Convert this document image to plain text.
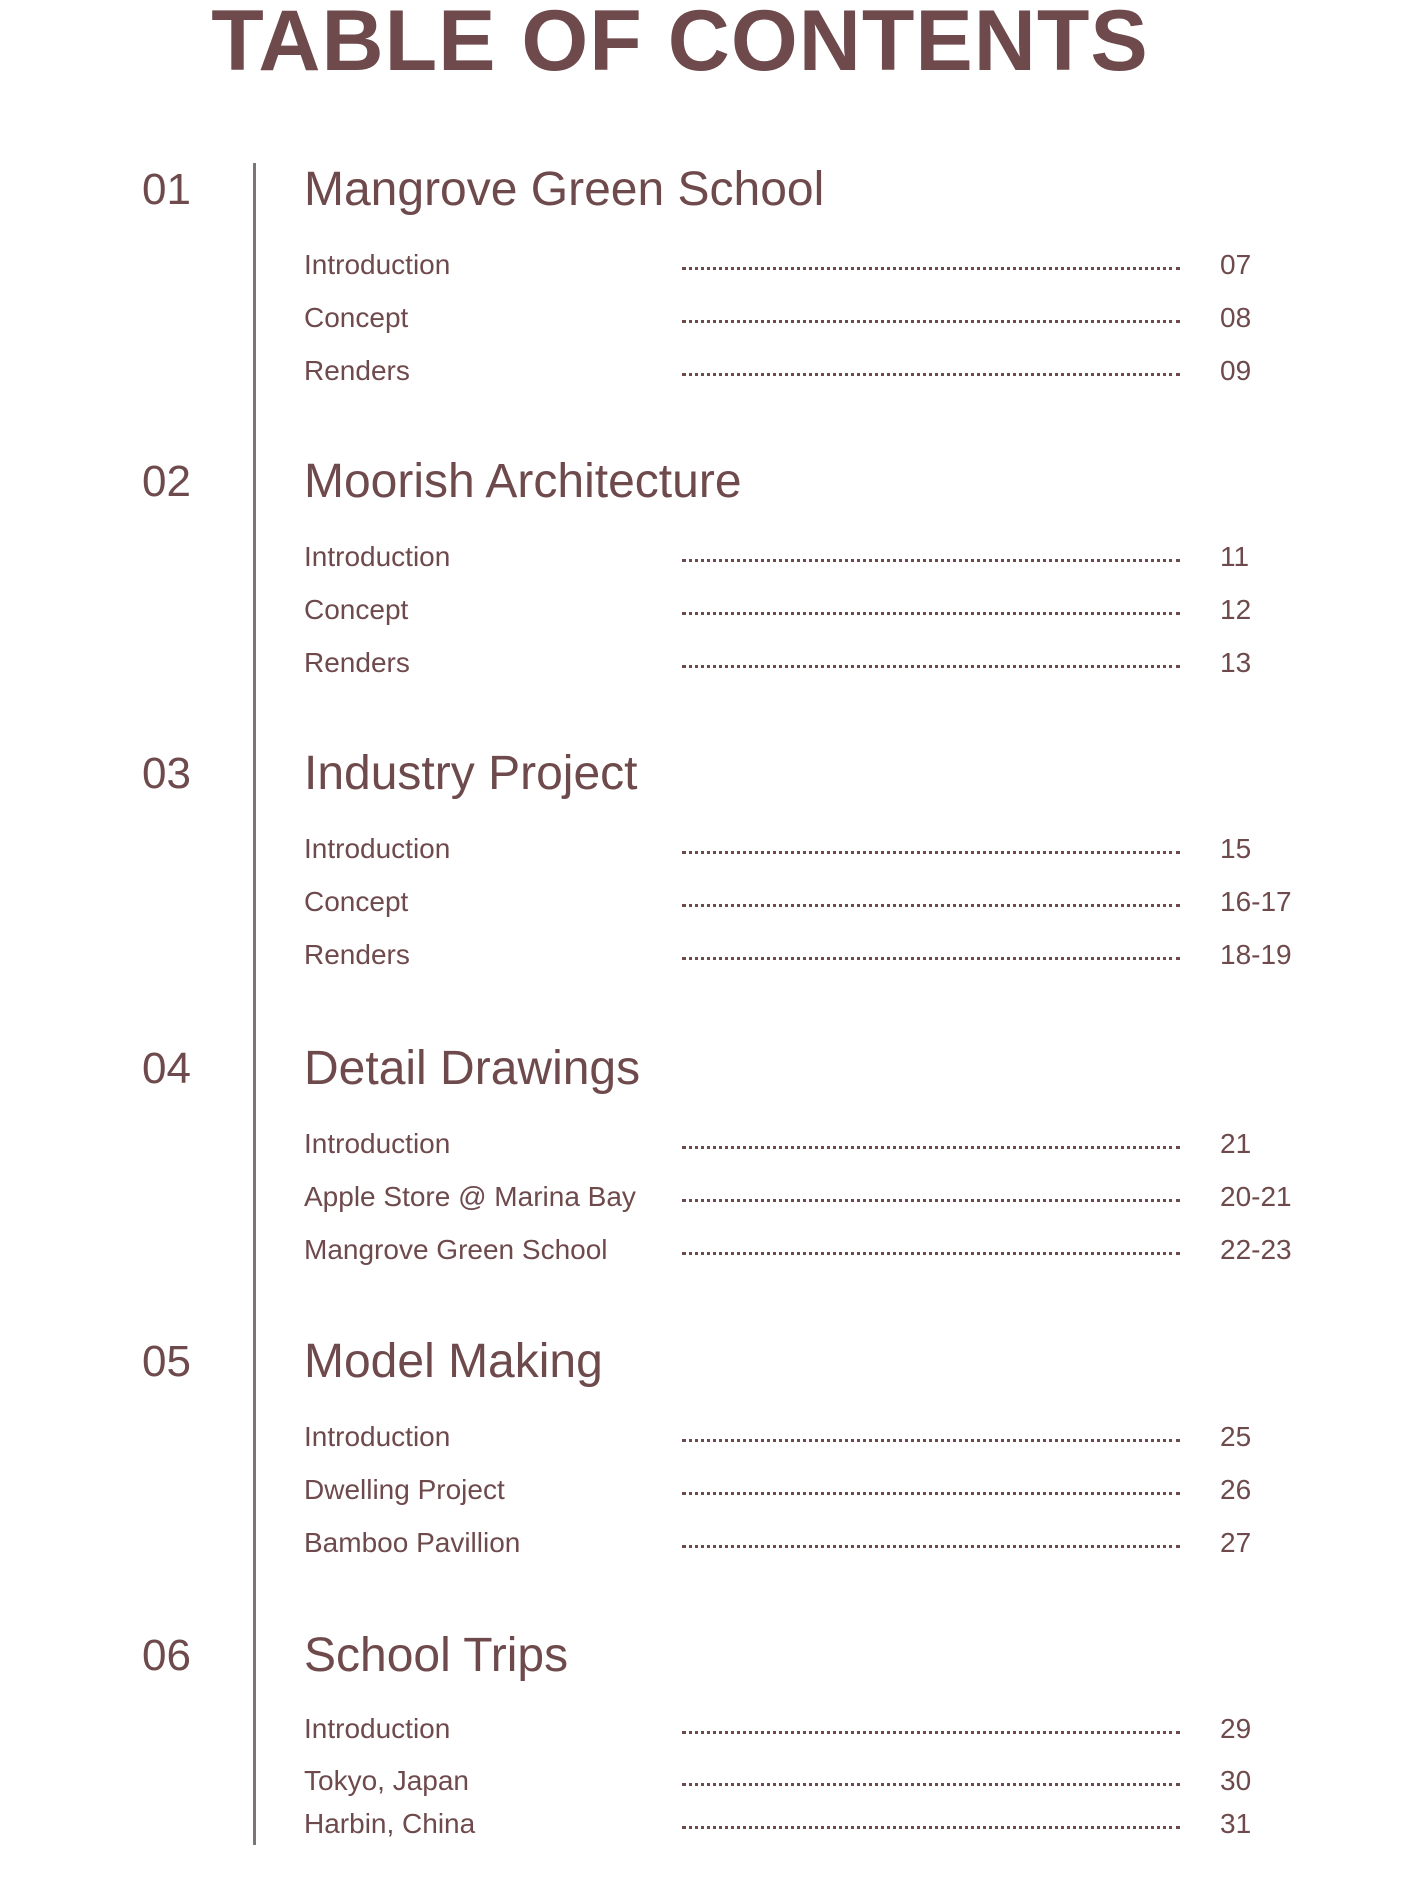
TABLE OF CONTENTS
01 Mangrove Green School
Introduction	07
Concept	08
Renders	09
02 Moorish Architecture
Introduction	11
Concept	12
Renders	13
03 Industry Project
Introduction	15
Concept	16-17
Renders	18-19
04 Detail Drawings
Introduction	21
Apple Store @ Marina Bay	20-21
Mangrove Green School	22-23
05 Model Making
Introduction	25
Dwelling Project	26
Bamboo Pavillion	27
06 School Trips
Introduction	29
Tokyo, Japan	30
Harbin, China	31
